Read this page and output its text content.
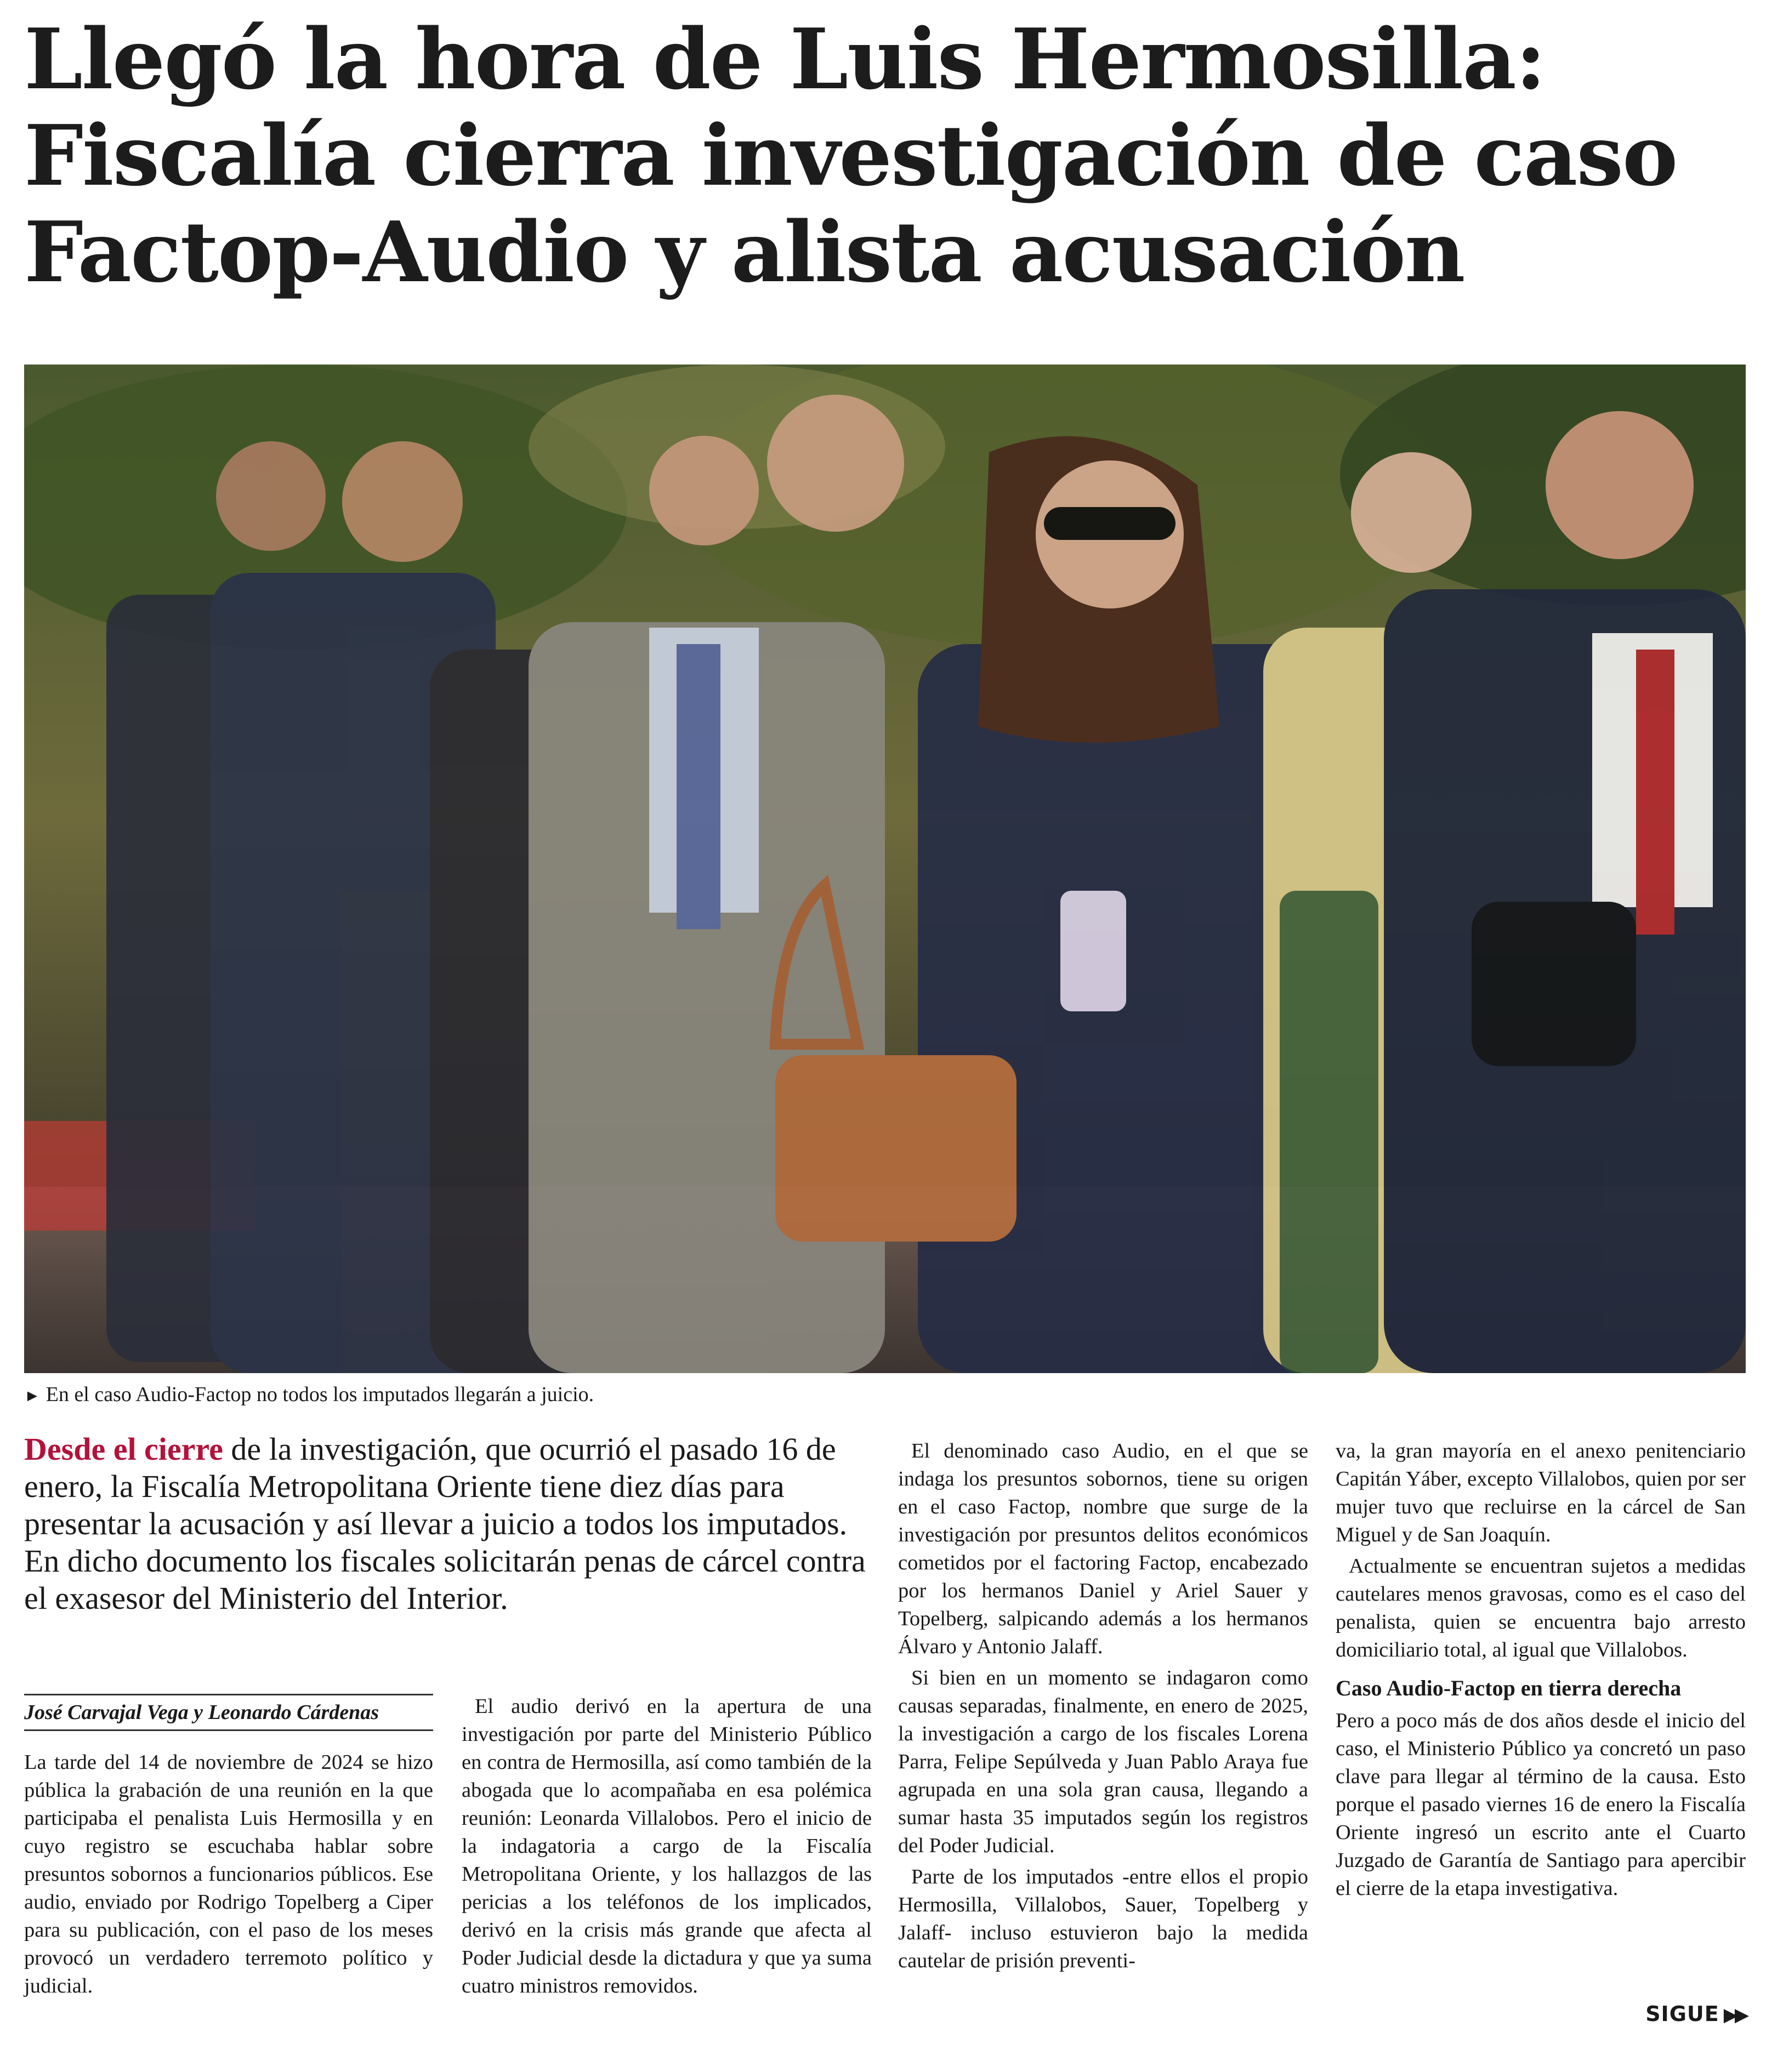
Llegó la hora de Luis Hermosilla:
Fiscalía cierra investigación de caso
Factop-Audio y alista acusación
► En el caso Audio-Factop no todos los imputados llegarán a juicio.

Desde el cierre de la investigación, que ocurrió el pasado 16 de enero, la Fiscalía Metropolitana Oriente tiene diez días para presentar la acusación y así llevar a juicio a todos los imputados. En dicho documento los fiscales solicitarán penas de cárcel contra el exasesor del Ministerio del Interior.

José Carvajal Vega y Leonardo Cárdenas

La tarde del 14 de noviembre de 2024 se hizo pública la grabación de una reunión en la que participaba el penalista Luis Hermosilla y en cuyo registro se escuchaba hablar sobre presuntos sobornos a funcionarios públicos. Ese audio, enviado por Rodrigo Topelberg a Ciper para su publicación, con el paso de los meses provocó un verdadero terremoto político y judicial.

El audio derivó en la apertura de una investigación por parte del Ministerio Público en contra de Hermosilla, así como también de la abogada que lo acompañaba en esa polémica reunión: Leonarda Villalobos. Pero el inicio de la indagatoria a cargo de la Fiscalía Metropolitana Oriente, y los hallazgos de las pericias a los teléfonos de los implicados, derivó en la crisis más grande que afecta al Poder Judicial desde la dictadura y que ya suma cuatro ministros removidos.

El denominado caso Audio, en el que se indaga los presuntos sobornos, tiene su origen en el caso Factop, nombre que surge de la investigación por presuntos delitos económicos cometidos por el factoring Factop, encabezado por los hermanos Daniel y Ariel Sauer y Topelberg, salpicando además a los hermanos Álvaro y Antonio Jalaff.

Si bien en un momento se indagaron como causas separadas, finalmente, en enero de 2025, la investigación a cargo de los fiscales Lorena Parra, Felipe Sepúlveda y Juan Pablo Araya fue agrupada en una sola gran causa, llegando a sumar hasta 35 imputados según los registros del Poder Judicial.

Parte de los imputados -entre ellos el propio Hermosilla, Villalobos, Sauer, Topelberg y Jalaff- incluso estuvieron bajo la medida cautelar de prisión preventi-

va, la gran mayoría en el anexo penitenciario Capitán Yáber, excepto Villalobos, quien por ser mujer tuvo que recluirse en la cárcel de San Miguel y de San Joaquín.

Actualmente se encuentran sujetos a medidas cautelares menos gravosas, como es el caso del penalista, quien se encuentra bajo arresto domiciliario total, al igual que Villalobos.

Caso Audio-Factop en tierra derecha

Pero a poco más de dos años desde el inicio del caso, el Ministerio Público ya concretó un paso clave para llegar al término de la causa. Esto porque el pasado viernes 16 de enero la Fiscalía Oriente ingresó un escrito ante el Cuarto Juzgado de Garantía de Santiago para apercibir el cierre de la etapa investigativa.

SIGUE ▶▶
